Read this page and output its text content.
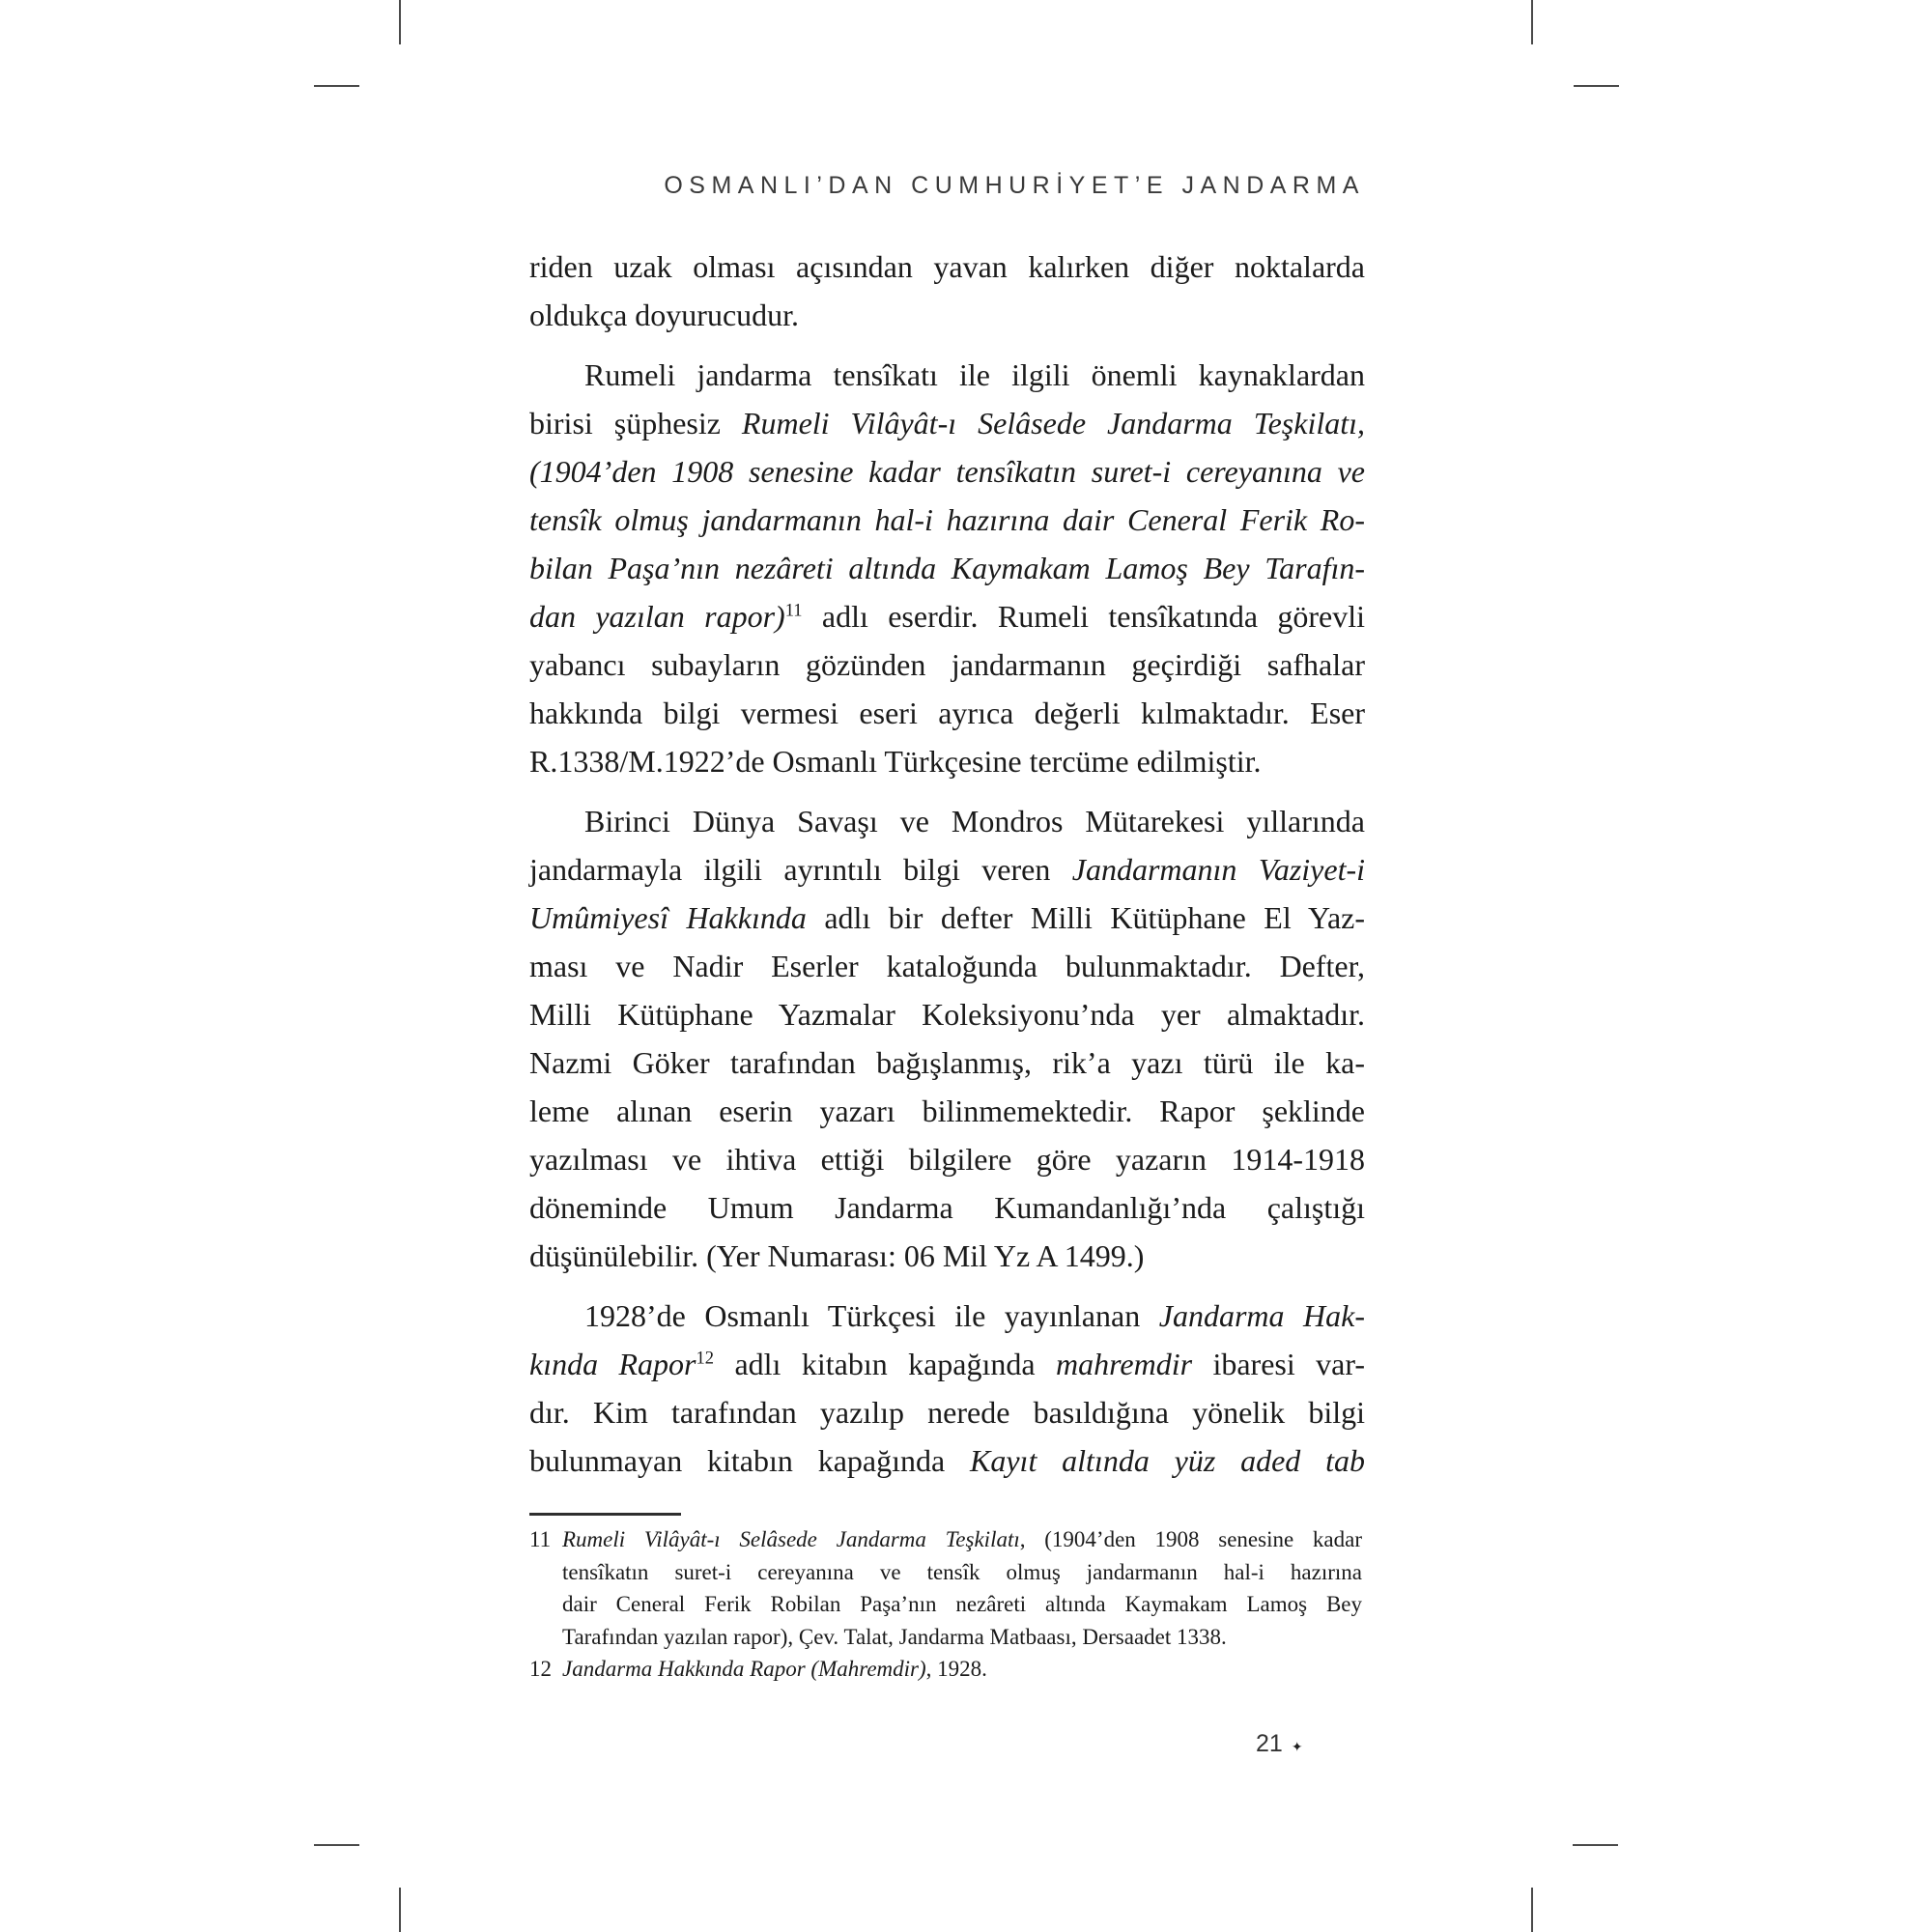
OSMANLI’DAN CUMHURİYET’E JANDARMA
riden uzak olması açısından yavan kalırken diğer noktalarda
oldukça doyurucudur.
Rumeli jandarma tensîkatı ile ilgili önemli kaynaklardan
birisi şüphesiz Rumeli Vilâyât-ı Selâsede Jandarma Teşkilatı,
(1904’den 1908 senesine kadar tensîkatın suret-i cereyanına ve
tensîk olmuş jandarmanın hal-i hazırına dair Ceneral Ferik Ro-
bilan Paşa’nın nezâreti altında Kaymakam Lamoş Bey Tarafın-
dan yazılan rapor)$^{11}$ adlı eserdir. Rumeli tensîkatında görevli
yabancı subayların gözünden jandarmanın geçirdiği safhalar
hakkında bilgi vermesi eseri ayrıca değerli kılmaktadır. Eser
R.1338/M.1922’de Osmanlı Türkçesine tercüme edilmiştir.
Birinci Dünya Savaşı ve Mondros Mütarekesi yıllarında
jandarmayla ilgili ayrıntılı bilgi veren Jandarmanın Vaziyet-i
Umûmiyesî Hakkında adlı bir defter Milli Kütüphane El Yaz-
ması ve Nadir Eserler kataloğunda bulunmaktadır. Defter,
Milli Kütüphane Yazmalar Koleksiyonu’nda yer almaktadır.
Nazmi Göker tarafından bağışlanmış, rik’a yazı türü ile ka-
leme alınan eserin yazarı bilinmemektedir. Rapor şeklinde
yazılması ve ihtiva ettiği bilgilere göre yazarın 1914-1918
döneminde Umum Jandarma Kumandanlığı’nda çalıştığı
düşünülebilir. (Yer Numarası: 06 Mil Yz A 1499.)
1928’de Osmanlı Türkçesi ile yayınlanan Jandarma Hak-
kında Rapor$^{12}$ adlı kitabın kapağında mahremdir ibaresi var-
dır. Kim tarafından yazılıp nerede basıldığına yönelik bilgi
bulunmayan kitabın kapağında Kayıt altında yüz aded tab
11 Rumeli Vilâyât-ı Selâsede Jandarma Teşkilatı, (1904’den 1908 senesine kadar
tensîkatın suret-i cereyanına ve tensîk olmuş jandarmanın hal-i hazırına
dair Ceneral Ferik Robilan Paşa’nın nezâreti altında Kaymakam Lamoş Bey
Tarafından yazılan rapor), Çev. Talat, Jandarma Matbaası, Dersaadet 1338.
12 Jandarma Hakkında Rapor (Mahremdir), 1928.
21 ✦
